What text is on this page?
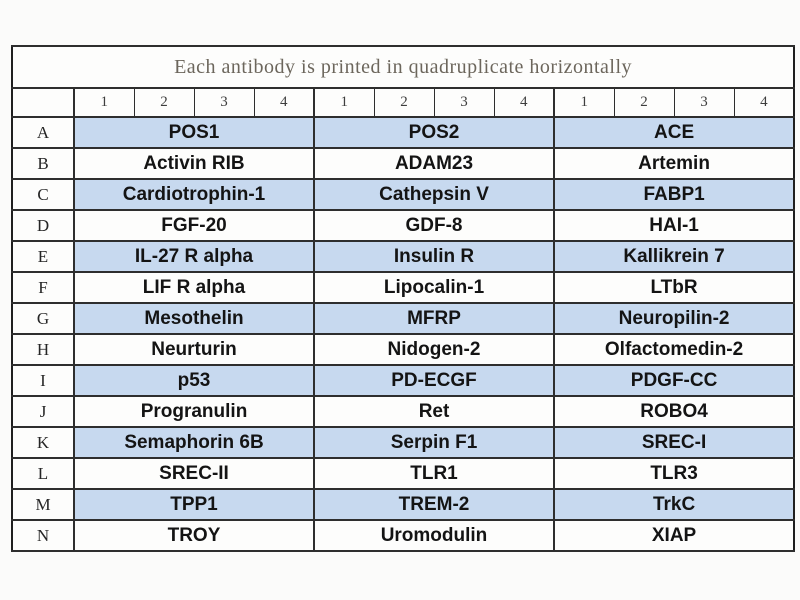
Each antibody is printed in quadruplicate horizontally												
	1	2	3	4	1	2	3	4	1	2	3	4
A	POS1				POS2				ACE			
B	Activin RIB				ADAM23				Artemin			
C	Cardiotrophin-1				Cathepsin V				FABP1			
D	FGF-20				GDF-8				HAI-1			
E	IL-27 R alpha				Insulin R				Kallikrein 7			
F	LIF R alpha				Lipocalin-1				LTbR			
G	Mesothelin				MFRP				Neuropilin-2			
H	Neurturin				Nidogen-2				Olfactomedin-2			
I	p53				PD-ECGF				PDGF-CC			
J	Progranulin				Ret				ROBO4			
K	Semaphorin 6B				Serpin F1				SREC-I			
L	SREC-II				TLR1				TLR3			
M	TPP1				TREM-2				TrkC			
N	TROY				Uromodulin				XIAP			
